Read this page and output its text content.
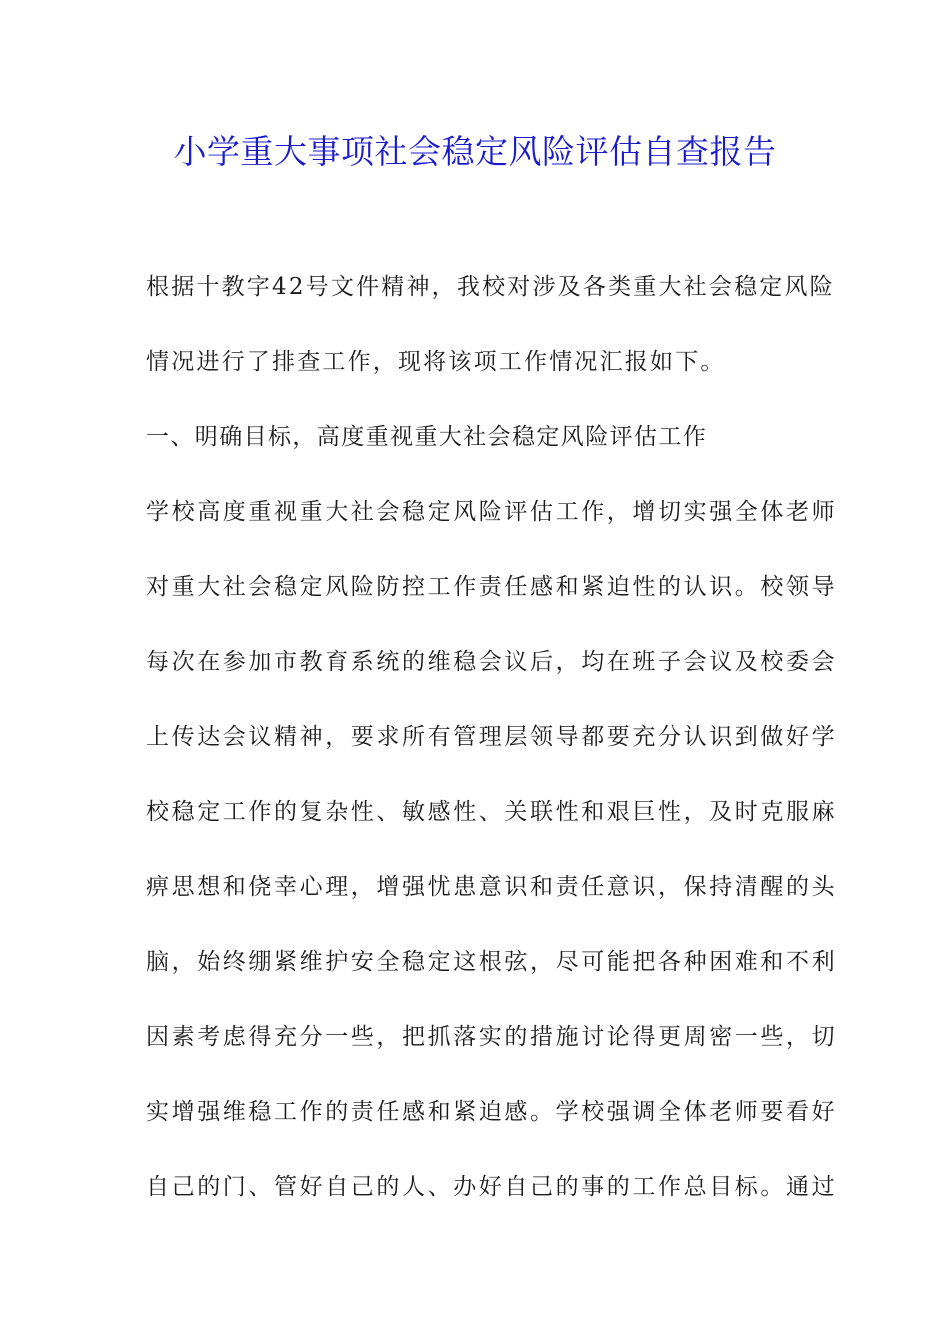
小学重大事项社会稳定风险评估自查报告
根据十教字42号文件精神，我校对涉及各类重大社会稳定风险
情况进行了排查工作，现将该项工作情况汇报如下。
一、明确目标，高度重视重大社会稳定风险评估工作
学校高度重视重大社会稳定风险评估工作，增切实强全体老师
对重大社会稳定风险防控工作责任感和紧迫性的认识。校领导
每次在参加市教育系统的维稳会议后，均在班子会议及校委会
上传达会议精神，要求所有管理层领导都要充分认识到做好学
校稳定工作的复杂性、敏感性、关联性和艰巨性，及时克服麻
痹思想和侥幸心理，增强忧患意识和责任意识，保持清醒的头
脑，始终绷紧维护安全稳定这根弦，尽可能把各种困难和不利
因素考虑得充分一些，把抓落实的措施讨论得更周密一些，切
实增强维稳工作的责任感和紧迫感。学校强调全体老师要看好
自己的门、管好自己的人、办好自己的事的工作总目标。通过
